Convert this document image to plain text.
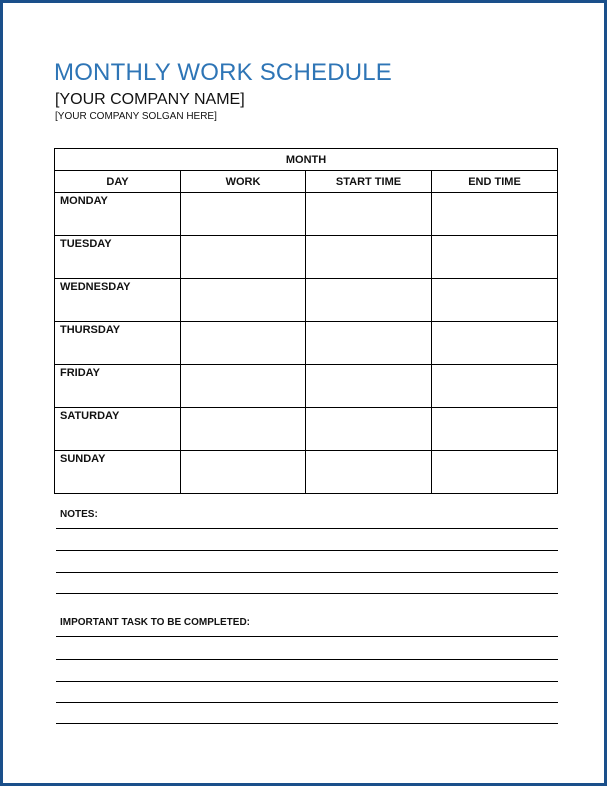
MONTHLY WORK SCHEDULE
[YOUR COMPANY NAME]
[YOUR COMPANY SOLGAN HERE]
MONTH			
DAY	WORK	START TIME	END TIME
MONDAY			
TUESDAY			
WEDNESDAY			
THURSDAY			
FRIDAY			
SATURDAY			
SUNDAY			
NOTES:
IMPORTANT TASK TO BE COMPLETED:
